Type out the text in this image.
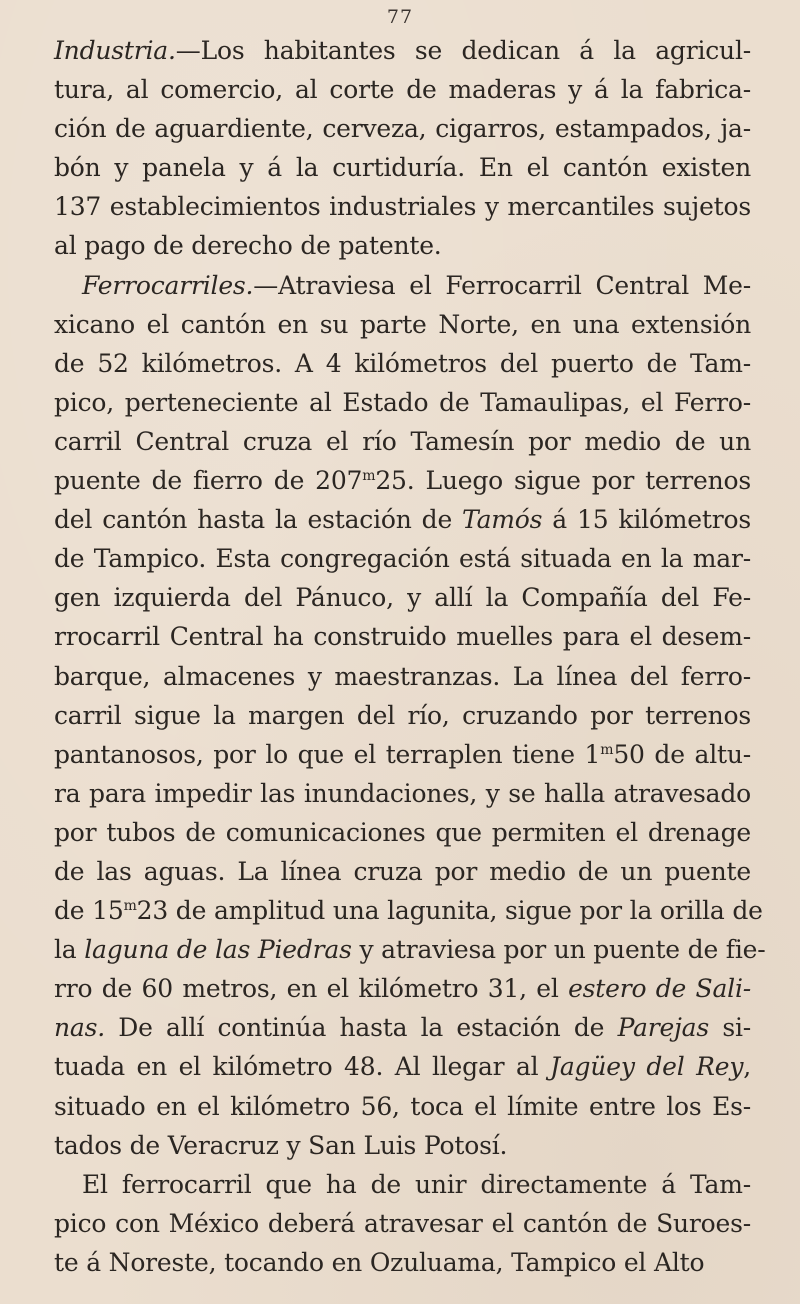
77
Industria.—Los habitantes se dedican á la agricul-
tura, al comercio, al corte de maderas y á la fabrica-
ción de aguardiente, cerveza, cigarros, estampados, ja-
bón y panela y á la curtiduría. En el cantón existen
137 establecimientos industriales y mercantiles sujetos
al pago de derecho de patente.
Ferrocarriles.—Atraviesa el Ferrocarril Central Me-
xicano el cantón en su parte Norte, en una extensión
de 52 kilómetros. A 4 kilómetros del puerto de Tam-
pico, perteneciente al Estado de Tamaulipas, el Ferro-
carril Central cruza el río Tamesín por medio de un
puente de fierro de 207$^m$25. Luego sigue por terrenos
del cantón hasta la estación de Tamós á 15 kilómetros
de Tampico. Esta congregación está situada en la mar-
gen izquierda del Pánuco, y allí la Compañía del Fe-
rrocarril Central ha construido muelles para el desem-
barque, almacenes y maestranzas. La línea del ferro-
carril sigue la margen del río, cruzando por terrenos
pantanosos, por lo que el terraplen tiene 1$^m$50 de altu-
ra para impedir las inundaciones, y se halla atravesado
por tubos de comunicaciones que permiten el drenage
de las aguas. La línea cruza por medio de un puente
de 15$^m$23 de amplitud una lagunita, sigue por la orilla de
la laguna de las Piedras y atraviesa por un puente de fie-
rro de 60 metros, en el kilómetro 31, el estero de Sali-
nas. De allí continúa hasta la estación de Parejas si-
tuada en el kilómetro 48. Al llegar al Jagüey del Rey,
situado en el kilómetro 56, toca el límite entre los Es-
tados de Veracruz y San Luis Potosí.
El ferrocarril que ha de unir directamente á Tam-
pico con México deberá atravesar el cantón de Suroes-
te á Noreste, tocando en Ozuluama, Tampico el Alto
